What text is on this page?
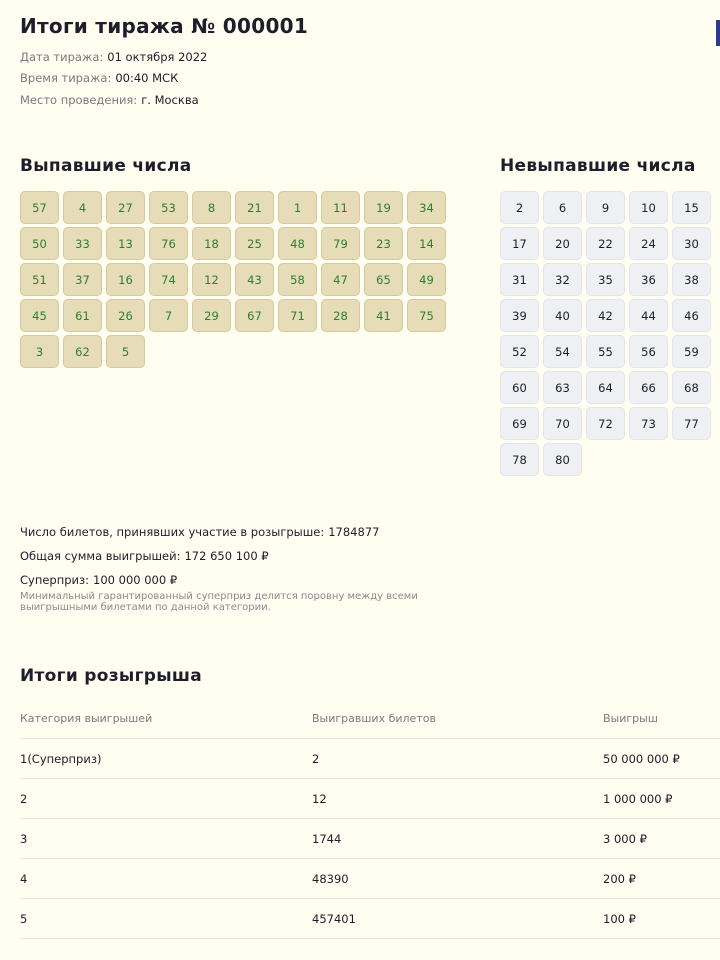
Итоги тиража № 000001
Дата тиража: 01 октября 2022
Время тиража: 00:40 МСК
Место проведения: г. Москва
Выпавшие числа	Невыпавшие числа
57	4	27	53	8	21	1	11	19	34
50	33	13	76	18	25	48	79	23	14
51	37	16	74	12	43	58	47	65	49
45	61	26	7	29	67	71	28	41	75
3	62	5
2	6	9	10	15
17	20	22	24	30
31	32	35	36	38
39	40	42	44	46
52	54	55	56	59
60	63	64	66	68
69	70	72	73	77
78	80
Число билетов, принявших участие в розыгрыше: 1784877
Общая сумма выигрышей: 172 650 100 ₽
Суперприз: 100 000 000 ₽
Минимальный гарантированный суперприз делится поровну между всеми выигрышными билетами по данной категории.
Итоги розыгрыша
Категория выигрышей	Выигравших билетов	Выигрыш
1(Суперприз)	2	50 000 000 ₽
2	12	1 000 000 ₽
3	1744	3 000 ₽
4	48390	200 ₽
5	457401	100 ₽
